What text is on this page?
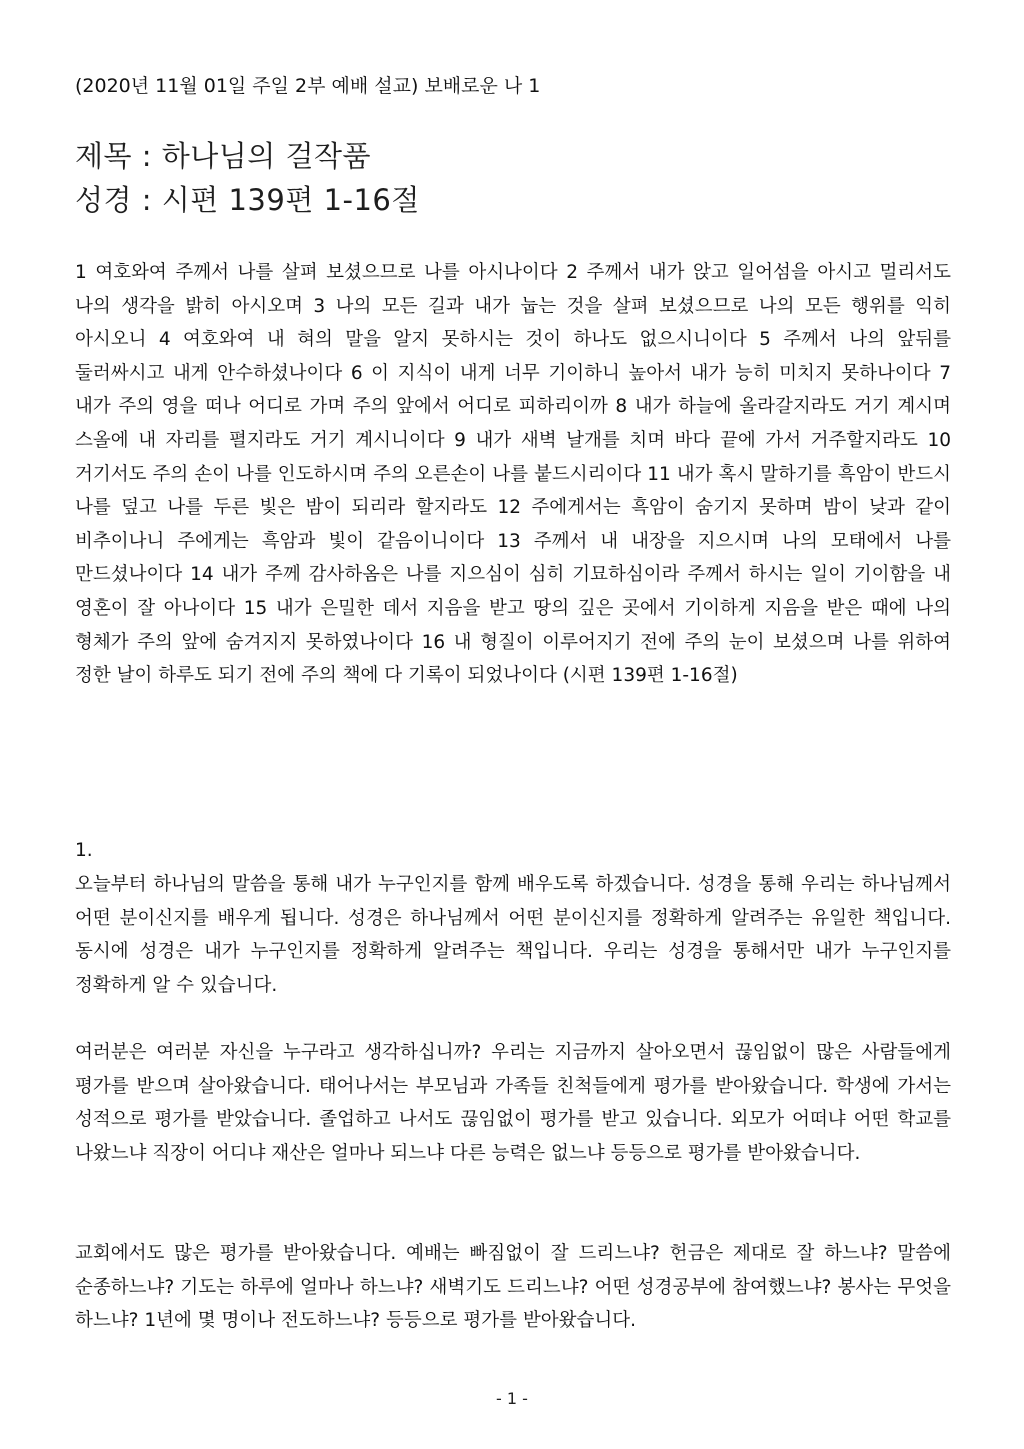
(2020년 11월 01일 주일 2부 예배 설교) 보배로운 나 1
제목 : 하나님의 걸작품
성경 : 시편 139편 1-16절

1 여호와여 주께서 나를 살펴 보셨으므로 나를 아시나이다 2 주께서 내가 앉고 일어섬을 아시고 멀리서도 나의 생각을 밝히 아시오며 3 나의 모든 길과 내가 눕는 것을 살펴 보셨으므로 나의 모든 행위를 익히 아시오니 4 여호와여 내 혀의 말을 알지 못하시는 것이 하나도 없으시니이다 5 주께서 나의 앞뒤를 둘러싸시고 내게 안수하셨나이다 6 이 지식이 내게 너무 기이하니 높아서 내가 능히 미치지 못하나이다 7 내가 주의 영을 떠나 어디로 가며 주의 앞에서 어디로 피하리이까 8 내가 하늘에 올라갈지라도 거기 계시며 스올에 내 자리를 펼지라도 거기 계시니이다 9 내가 새벽 날개를 치며 바다 끝에 가서 거주할지라도 10 거기서도 주의 손이 나를 인도하시며 주의 오른손이 나를 붙드시리이다 11 내가 혹시 말하기를 흑암이 반드시 나를 덮고 나를 두른 빛은 밤이 되리라 할지라도 12 주에게서는 흑암이 숨기지 못하며 밤이 낮과 같이 비추이나니 주에게는 흑암과 빛이 같음이니이다 13 주께서 내 내장을 지으시며 나의 모태에서 나를 만드셨나이다 14 내가 주께 감사하옴은 나를 지으심이 심히 기묘하심이라 주께서 하시는 일이 기이함을 내 영혼이 잘 아나이다 15 내가 은밀한 데서 지음을 받고 땅의 깊은 곳에서 기이하게 지음을 받은 때에 나의 형체가 주의 앞에 숨겨지지 못하였나이다 16 내 형질이 이루어지기 전에 주의 눈이 보셨으며 나를 위하여 정한 날이 하루도 되기 전에 주의 책에 다 기록이 되었나이다 (시편 139편 1-16절)

1.

오늘부터 하나님의 말씀을 통해 내가 누구인지를 함께 배우도록 하겠습니다. 성경을 통해 우리는 하나님께서 어떤 분이신지를 배우게 됩니다. 성경은 하나님께서 어떤 분이신지를 정확하게 알려주는 유일한 책입니다. 동시에 성경은 내가 누구인지를 정확하게 알려주는 책입니다. 우리는 성경을 통해서만 내가 누구인지를 정확하게 알 수 있습니다.

여러분은 여러분 자신을 누구라고 생각하십니까? 우리는 지금까지 살아오면서 끊임없이 많은 사람들에게 평가를 받으며 살아왔습니다. 태어나서는 부모님과 가족들 친척들에게 평가를 받아왔습니다. 학생에 가서는 성적으로 평가를 받았습니다. 졸업하고 나서도 끊임없이 평가를 받고 있습니다. 외모가 어떠냐 어떤 학교를 나왔느냐 직장이 어디냐 재산은 얼마나 되느냐 다른 능력은 없느냐 등등으로 평가를 받아왔습니다.

교회에서도 많은 평가를 받아왔습니다. 예배는 빠짐없이 잘 드리느냐? 헌금은 제대로 잘 하느냐? 말씀에 순종하느냐? 기도는 하루에 얼마나 하느냐? 새벽기도 드리느냐? 어떤 성경공부에 참여했느냐? 봉사는 무엇을 하느냐? 1년에 몇 명이나 전도하느냐? 등등으로 평가를 받아왔습니다.

- 1 -
